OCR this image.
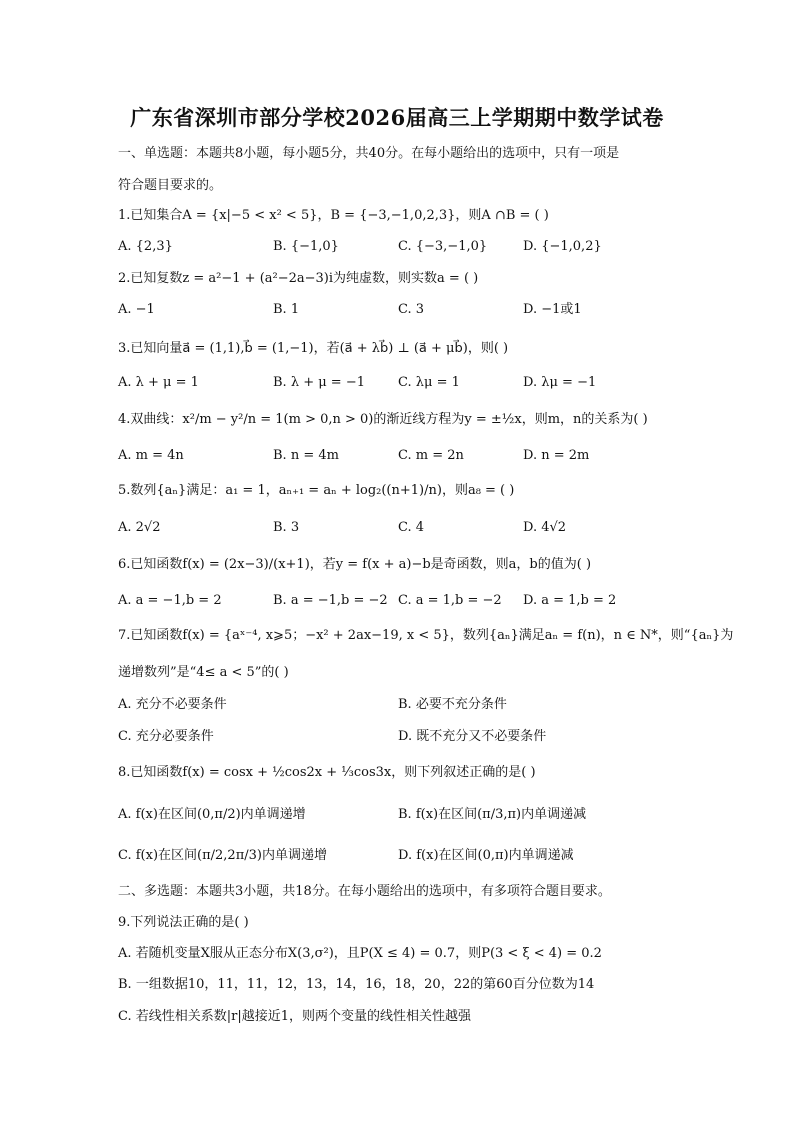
广东省深圳市部分学校2026届高三上学期期中数学试卷
一、单选题：本题共8小题，每小题5分，共40分。在每小题给出的选项中，只有一项是
符合题目要求的。
1.已知集合A = {x|−5 < x² < 5}，B = {−3,−1,0,2,3}，则A ∩B = ( )
A. {2,3}	B. {−1,0}	C. {−3,−1,0}	D. {−1,0,2}
2.已知复数z = a²−1 + (a²−2a−3)i为纯虚数，则实数a = ( )
A. −1	B. 1	C. 3	D. −1或1
3.已知向量a⃗ = (1,1),b⃗ = (1,−1)，若(a⃗ + λb⃗) ⊥ (a⃗ + μb⃗)，则( )
A. λ + μ = 1	B. λ + μ = −1	C. λμ = 1	D. λμ = −1
4.双曲线：x²/m − y²/n = 1(m > 0,n > 0)的渐近线方程为y = ±½x，则m，n的关系为( )
A. m = 4n	B. n = 4m	C. m = 2n	D. n = 2m
5.数列{aₙ}满足：a₁ = 1，aₙ₊₁ = aₙ + log₂((n+1)/n)，则a₈ = ( )
A. 2√2	B. 3	C. 4	D. 4√2
6.已知函数f(x) = (2x−3)/(x+1)，若y = f(x + a)−b是奇函数，则a，b的值为( )
A. a = −1,b = 2	B. a = −1,b = −2 C. a = 1,b = −2 D. a = 1,b = 2
7.已知函数f(x) = {aˣ⁻⁴, x⩾5；−x² + 2ax−19, x < 5}，数列{aₙ}满足aₙ = f(n)，n ∈ N*，则“{aₙ}为
递增数列”是“4≤ a < 5”的( )
A. 充分不必要条件	B. 必要不充分条件
C. 充分必要条件	D. 既不充分又不必要条件
8.已知函数f(x) = cosx + ½cos2x + ⅓cos3x，则下列叙述正确的是( )
A. f(x)在区间(0,π/2)内单调递增	B. f(x)在区间(π/3,π)内单调递减
C. f(x)在区间(π/2,2π/3)内单调递增	D. f(x)在区间(0,π)内单调递减
二、多选题：本题共3小题，共18分。在每小题给出的选项中，有多项符合题目要求。
9.下列说法正确的是( )
A. 若随机变量X服从正态分布X(3,σ²)，且P(X ≤ 4) = 0.7，则P(3 < ξ < 4) = 0.2
B. 一组数据10，11，11，12，13，14，16，18，20，22的第60百分位数为14
C. 若线性相关系数|r|越接近1，则两个变量的线性相关性越强
